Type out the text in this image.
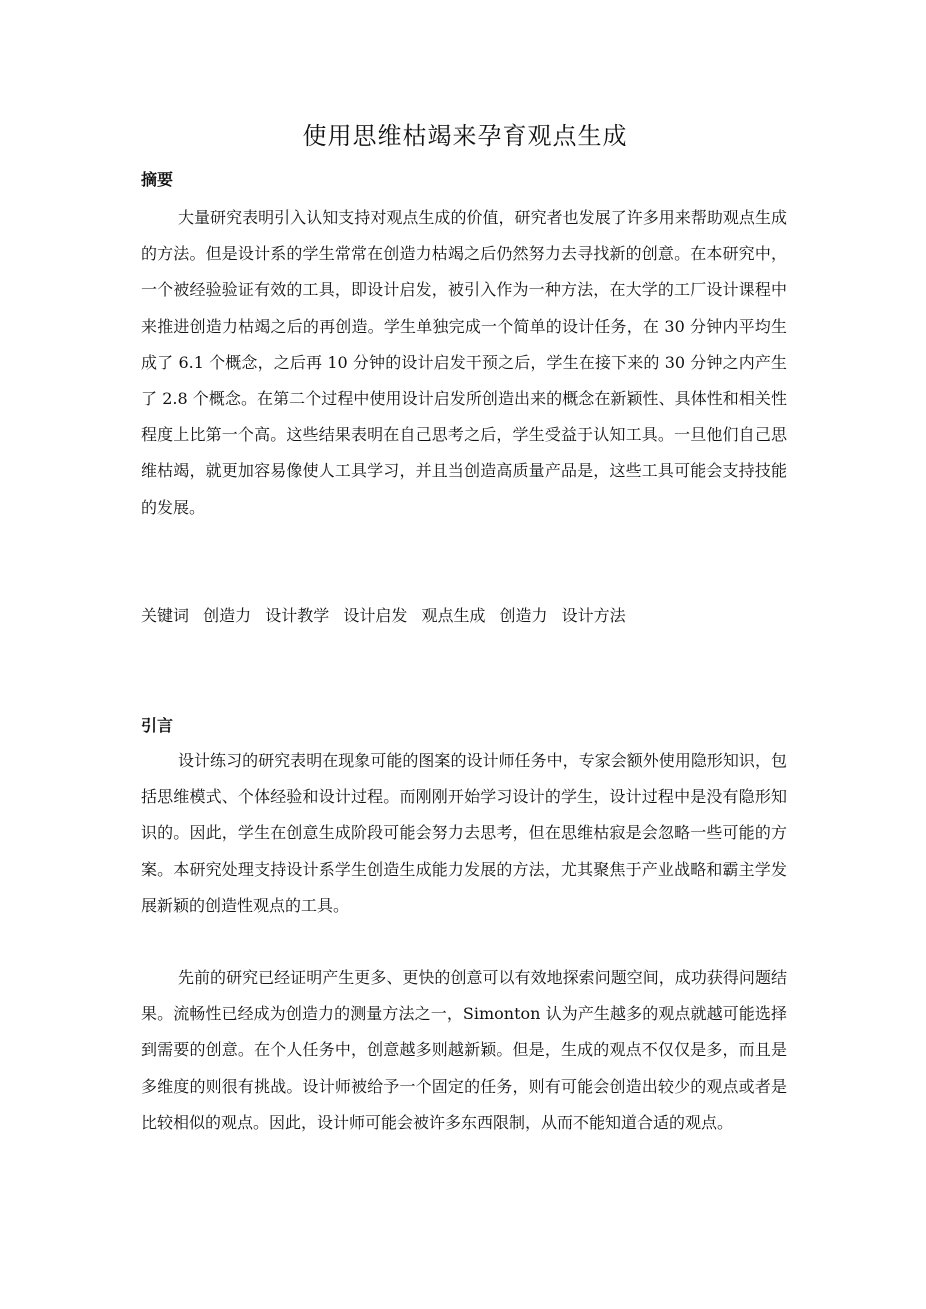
使用思维枯竭来孕育观点生成
摘要

大量研究表明引入认知支持对观点生成的价值，研究者也发展了许多用来帮助观点生成的方法。但是设计系的学生常常在创造力枯竭之后仍然努力去寻找新的创意。在本研究中，一个被经验验证有效的工具，即设计启发，被引入作为一种方法，在大学的工厂设计课程中来推进创造力枯竭之后的再创造。学生单独完成一个简单的设计任务，在 30 分钟内平均生成了 6.1 个概念，之后再 10 分钟的设计启发干预之后，学生在接下来的 30 分钟之内产生了 2.8 个概念。在第二个过程中使用设计启发所创造出来的概念在新颖性、具体性和相关性程度上比第一个高。这些结果表明在自己思考之后，学生受益于认知工具。一旦他们自己思维枯竭，就更加容易像使人工具学习，并且当创造高质量产品是，这些工具可能会支持技能的发展。

关键词 创造力 设计教学 设计启发 观点生成 创造力 设计方法

引言

设计练习的研究表明在现象可能的图案的设计师任务中，专家会额外使用隐形知识，包括思维模式、个体经验和设计过程。而刚刚开始学习设计的学生，设计过程中是没有隐形知识的。因此，学生在创意生成阶段可能会努力去思考，但在思维枯寂是会忽略一些可能的方案。本研究处理支持设计系学生创造生成能力发展的方法，尤其聚焦于产业战略和霸主学发展新颖的创造性观点的工具。

先前的研究已经证明产生更多、更快的创意可以有效地探索问题空间，成功获得问题结果。流畅性已经成为创造力的测量方法之一，Simonton 认为产生越多的观点就越可能选择到需要的创意。在个人任务中，创意越多则越新颖。但是，生成的观点不仅仅是多，而且是多维度的则很有挑战。设计师被给予一个固定的任务，则有可能会创造出较少的观点或者是比较相似的观点。因此，设计师可能会被许多东西限制，从而不能知道合适的观点。
